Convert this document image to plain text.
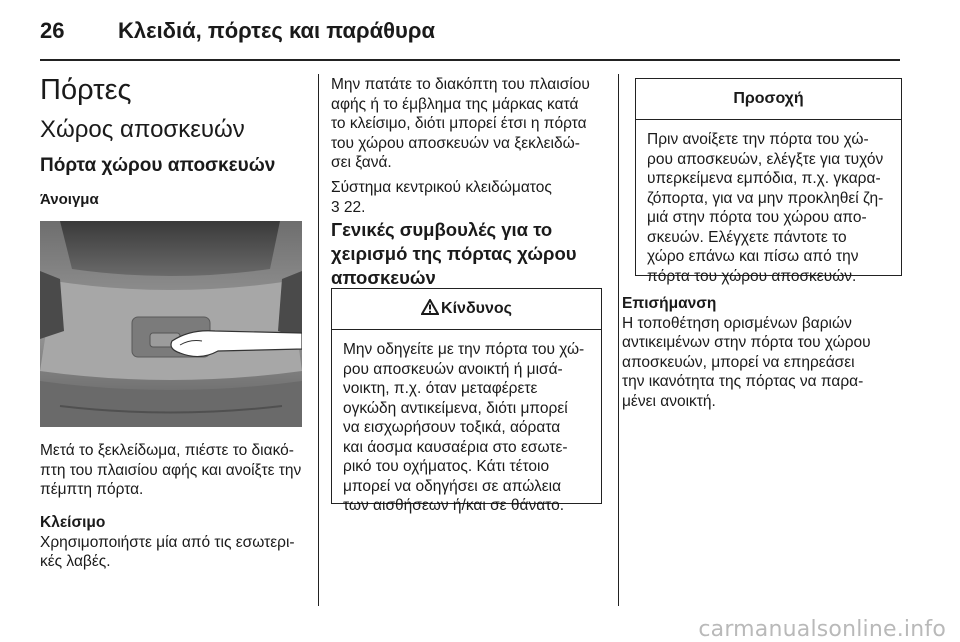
26 Κλειδιά, πόρτες και παράθυρα
Πόρτες
Χώρος αποσκευών
Πόρτα χώρου αποσκευών
Άνοιγμα
Μετά το ξεκλείδωμα, πιέστε το διακό-
πτη του πλαισίου αφής και ανοίξτε την
πέμπτη πόρτα.
Κλείσιμο
Χρησιμοποιήστε μία από τις εσωτερι-
κές λαβές.
Μην πατάτε το διακόπτη του πλαισίου
αφής ή το έμβλημα της μάρκας κατά
το κλείσιμο, διότι μπορεί έτσι η πόρτα
του χώρου αποσκευών να ξεκλειδώ-
σει ξανά.
Σύστημα κεντρικού κλειδώματος
3 22.
Γενικές συμβουλές για το
χειρισμό της πόρτας χώρου
αποσκευών
Κίνδυνος
Μην οδηγείτε με την πόρτα του χώ-
ρου αποσκευών ανοικτή ή μισά-
νοικτη, π.χ. όταν μεταφέρετε
ογκώδη αντικείμενα, διότι μπορεί
να εισχωρήσουν τοξικά, αόρατα
και άοσμα καυσαέρια στο εσωτε-
ρικό του οχήματος. Κάτι τέτοιο
μπορεί να οδηγήσει σε απώλεια
των αισθήσεων ή/και σε θάνατο.
Προσοχή
Πριν ανοίξετε την πόρτα του χώ-
ρου αποσκευών, ελέγξτε για τυχόν
υπερκείμενα εμπόδια, π.χ. γκαρα-
ζόπορτα, για να μην προκληθεί ζη-
μιά στην πόρτα του χώρου απο-
σκευών. Ελέγχετε πάντοτε το
χώρο επάνω και πίσω από την
πόρτα του χώρου αποσκευών.
Επισήμανση
Η τοποθέτηση ορισμένων βαριών
αντικειμένων στην πόρτα του χώρου
αποσκευών, μπορεί να επηρεάσει
την ικανότητα της πόρτας να παρα-
μένει ανοικτή.
carmanualsonline.info
